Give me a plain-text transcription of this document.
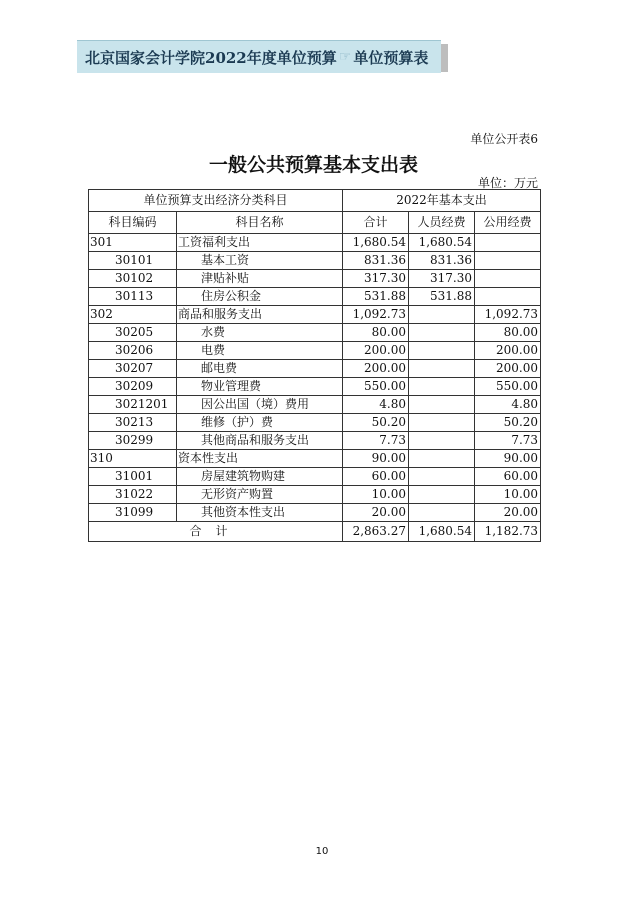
北京国家会计学院2022年度单位预算 ☞ 单位预算表
单位公开表6
一般公共预算基本支出表
单位：万元
单位预算支出经济分类科目		2022年基本支出		
科目编码	科目名称	合计	人员经费	公用经费
301	工资福利支出	1,680.54	1,680.54	
30101	基本工资	831.36	831.36	
30102	津贴补贴	317.30	317.30	
30113	住房公积金	531.88	531.88	
302	商品和服务支出	1,092.73		1,092.73
30205	水费	80.00		80.00
30206	电费	200.00		200.00
30207	邮电费	200.00		200.00
30209	物业管理费	550.00		550.00
3021201	因公出国（境）费用	4.80		4.80
30213	维修（护）费	50.20		50.20
30299	其他商品和服务支出	7.73		7.73
310	资本性支出	90.00		90.00
31001	房屋建筑物购建	60.00		60.00
31022	无形资产购置	10.00		10.00
31099	其他资本性支出	20.00		20.00
合计		2,863.27	1,680.54	1,182.73
10
